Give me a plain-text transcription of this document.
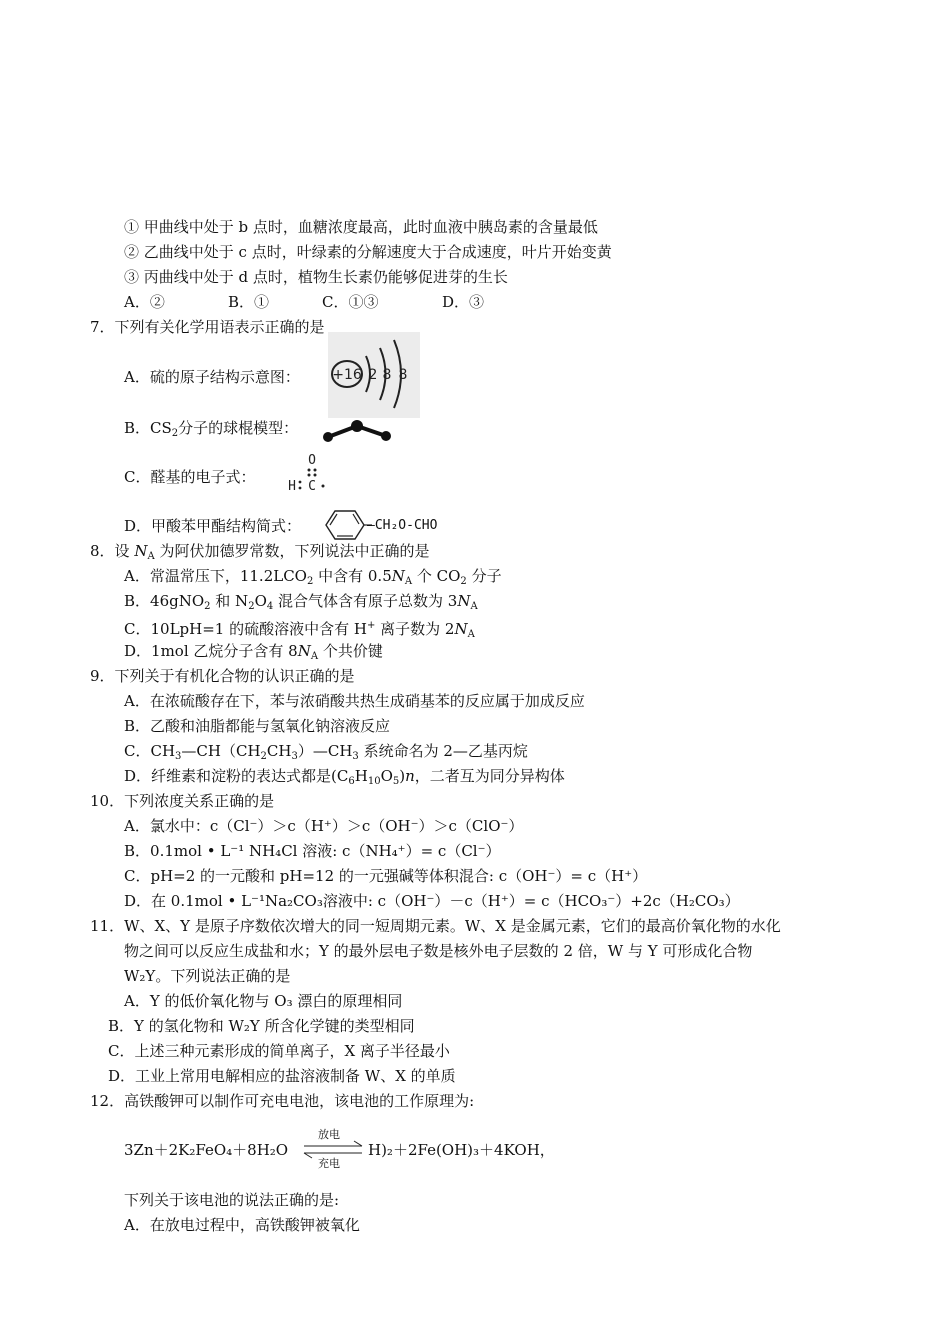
① 甲曲线中处于 b 点时，血糖浓度最高，此时血液中胰岛素的含量最低
② 乙曲线中处于 c 点时，叶绿素的分解速度大于合成速度，叶片开始变黄
③ 丙曲线中处于 d 点时，植物生长素仍能够促进芽的生长
A．②	B．①	C．①③	D．③
7．下列有关化学用语表示正确的是
A．硫的原子结构示意图： +16 2 8 8
B．$CS_2$分子的球棍模型：
C．醛基的电子式：
O
H C
D．甲酸苯甲酯结构简式：	—CH₂O-CHO
8．设 $N_A$ 为阿伏加德罗常数，下列说法中正确的是
A．常温常压下，$11.2LCO_2$ 中含有 $0.5N_A$ 个 $CO_2$ 分子
B．46gNO$_2$ 和 $N_2O_4$ 混合气体含有原子总数为 $3N_A$
C．10LpH=1 的硫酸溶液中含有 H+ 离子数为 $2N_A$
D．1mol 乙烷分子含有 $8N_A$ 个共价键
9．下列关于有机化合物的认识正确的是
A．在浓硫酸存在下，苯与浓硝酸共热生成硝基苯的反应属于加成反应
B．乙酸和油脂都能与氢氧化钠溶液反应
C．$CH_3—CH(CH_2CH_3)—CH_3$ 系统命名为 2—乙基丙烷
D．纤维素和淀粉的表达式都是$(C_6H_{10}O_5)n$，二者互为同分异构体
10．下列浓度关系正确的是
A．氯水中：c（Cl⁻）＞c（H⁺）＞c（OH⁻）＞c（ClO⁻）
B．0.1mol • L⁻¹ NH₄Cl 溶液: c（NH₄⁺）= c（Cl⁻）
C．pH=2 的一元酸和 pH=12 的一元强碱等体积混合: c（OH⁻）= c（H⁺）
D．在 0.1mol • L⁻¹Na₂CO₃溶液中: c（OH⁻）－c（H⁺）= c（HCO₃⁻）+2c（H₂CO₃）
11．W、X、Y 是原子序数依次增大的同一短周期元素。W、X 是金属元素，它们的最高价氧化物的水化
物之间可以反应生成盐和水；Y 的最外层电子数是核外电子层数的 2 倍，W 与 Y 可形成化合物
W₂Y。下列说法正确的是
A．Y 的低价氧化物与 O₃ 漂白的原理相同
B．Y 的氢化物和 W₂Y 所含化学键的类型相同
C．上述三种元素形成的简单离子，X 离子半径最小
D．工业上常用电解相应的盐溶液制备 W、X 的单质
12．高铁酸钾可以制作可充电电池，该电池的工作原理为:
3Zn＋2K₂FeO₄＋8H₂O
放电
充电
H)₂＋2Fe(OH)₃＋4KOH，
下列关于该电池的说法正确的是:
A．在放电过程中，高铁酸钾被氧化
